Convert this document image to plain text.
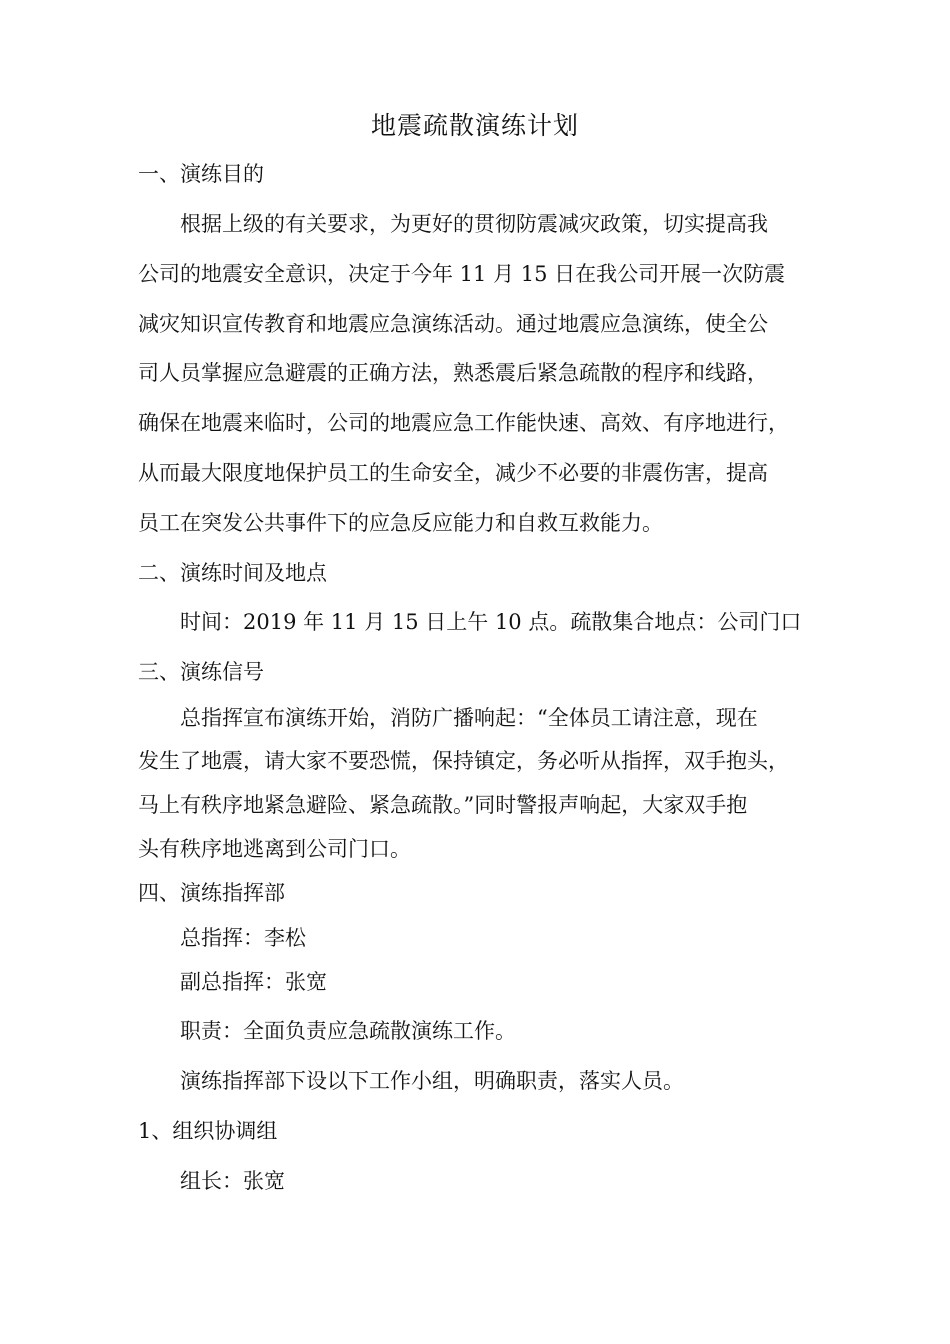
地震疏散演练计划

一、演练目的

根据上级的有关要求，为更好的贯彻防震减灾政策，切实提高我

公司的地震安全意识，决定于今年 11 月 15 日在我公司开展一次防震

减灾知识宣传教育和地震应急演练活动。通过地震应急演练，使全公

司人员掌握应急避震的正确方法，熟悉震后紧急疏散的程序和线路，

确保在地震来临时，公司的地震应急工作能快速、高效、有序地进行，

从而最大限度地保护员工的生命安全，减少不必要的非震伤害，提高

员工在突发公共事件下的应急反应能力和自救互救能力。

二、演练时间及地点

时间：2019 年 11 月 15 日上午 10 点。疏散集合地点：公司门口

三、演练信号

总指挥宣布演练开始，消防广播响起：“全体员工请注意，现在

发生了地震，请大家不要恐慌，保持镇定，务必听从指挥，双手抱头，

马上有秩序地紧急避险、紧急疏散。”同时警报声响起，大家双手抱

头有秩序地逃离到公司门口。

四、演练指挥部

总指挥：李松

副总指挥：张宽

职责：全面负责应急疏散演练工作。

演练指挥部下设以下工作小组，明确职责，落实人员。

1、组织协调组

组长：张宽
